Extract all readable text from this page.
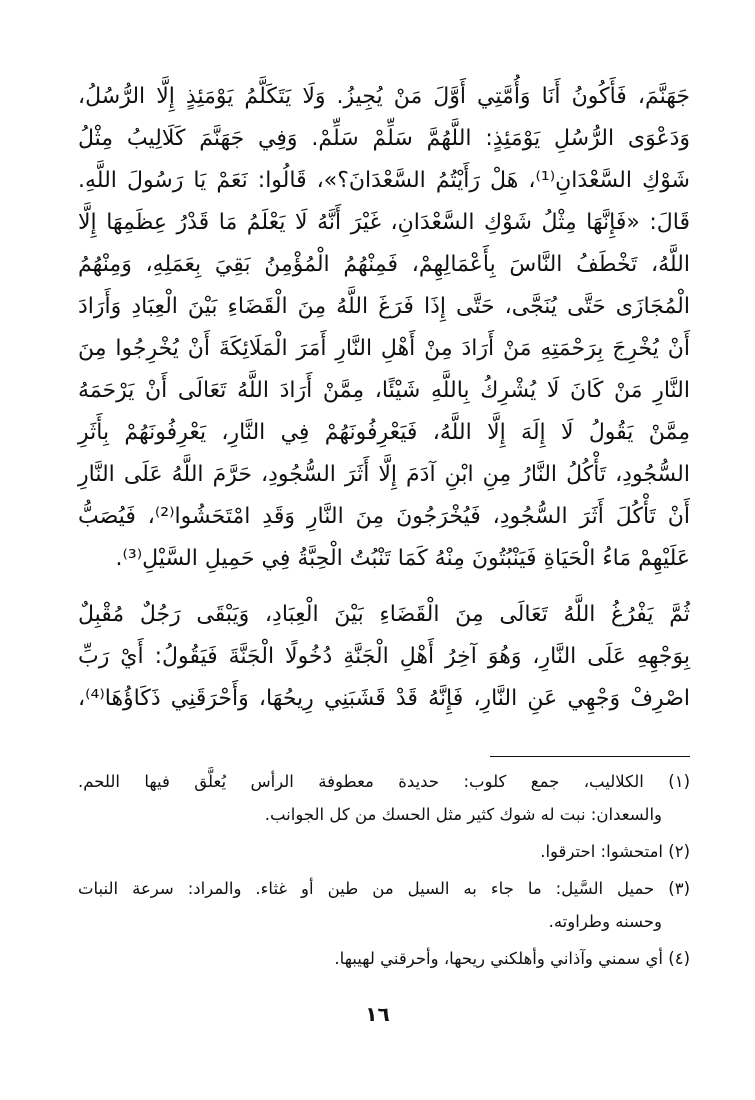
جَهَنَّمَ، فَأَكُونُ أَنَا وَأُمَّتِي أَوَّلَ مَنْ يُجِيزُ. وَلَا يَتَكَلَّمُ يَوْمَئِذٍ إِلَّا الرُّسُلُ،
وَدَعْوَى الرُّسُلِ يَوْمَئِذٍ: اللَّهُمَّ سَلِّمْ سَلِّمْ. وَفِي جَهَنَّمَ كَلَالِيبُ مِثْلُ
شَوْكِ السَّعْدَانِ⁽¹⁾، هَلْ رَأَيْتُمُ السَّعْدَانَ؟»، قَالُوا: نَعَمْ يَا رَسُولَ اللَّهِ.
قَالَ: «فَإِنَّهَا مِثْلُ شَوْكِ السَّعْدَانِ، غَيْرَ أَنَّهُ لَا يَعْلَمُ مَا قَدْرُ عِظَمِهَا إِلَّا
اللَّهُ، تَخْطَفُ النَّاسَ بِأَعْمَالِهِمْ، فَمِنْهُمُ الْمُؤْمِنُ بَقِيَ بِعَمَلِهِ، وَمِنْهُمُ
الْمُجَازَى حَتَّى يُنَجَّى، حَتَّى إِذَا فَرَغَ اللَّهُ مِنَ الْقَضَاءِ بَيْنَ الْعِبَادِ وَأَرَادَ
أَنْ يُخْرِجَ بِرَحْمَتِهِ مَنْ أَرَادَ مِنْ أَهْلِ النَّارِ أَمَرَ الْمَلَائِكَةَ أَنْ يُخْرِجُوا مِنَ
النَّارِ مَنْ كَانَ لَا يُشْرِكُ بِاللَّهِ شَيْئًا، مِمَّنْ أَرَادَ اللَّهُ تَعَالَى أَنْ يَرْحَمَهُ
مِمَّنْ يَقُولُ لَا إِلَهَ إِلَّا اللَّهُ، فَيَعْرِفُونَهُمْ فِي النَّارِ، يَعْرِفُونَهُمْ بِأَثَرِ
السُّجُودِ، تَأْكُلُ النَّارُ مِنِ ابْنِ آدَمَ إِلَّا أَثَرَ السُّجُودِ، حَرَّمَ اللَّهُ عَلَى النَّارِ
أَنْ تَأْكُلَ أَثَرَ السُّجُودِ، فَيُخْرَجُونَ مِنَ النَّارِ وَقَدِ امْتَحَشُوا⁽²⁾، فَيُصَبُّ
عَلَيْهِمْ مَاءُ الْحَيَاةِ فَيَنْبُتُونَ مِنْهُ كَمَا تَنْبُتُ الْحِبَّةُ فِي حَمِيلِ السَّيْلِ⁽³⁾.
ثُمَّ يَفْرُغُ اللَّهُ تَعَالَى مِنَ الْقَضَاءِ بَيْنَ الْعِبَادِ، وَيَبْقَى رَجُلٌ مُقْبِلٌ
بِوَجْهِهِ عَلَى النَّارِ، وَهُوَ آخِرُ أَهْلِ الْجَنَّةِ دُخُولًا الْجَنَّةَ فَيَقُولُ: أَيْ رَبِّ
اصْرِفْ وَجْهِي عَنِ النَّارِ، فَإِنَّهُ قَدْ قَشَبَنِي رِيحُهَا، وَأَحْرَقَنِي ذَكَاؤُهَا⁽⁴⁾،
(١) الكلاليب، جمع كلوب: حديدة معطوفة الرأس يُعلَّق فيها اللحم.
والسعدان: نبت له شوك كثير مثل الحسك من كل الجوانب.
(٢) امتحشوا: احترقوا.
(٣) حميل السَّيل: ما جاء به السيل من طين أو غثاء. والمراد: سرعة النبات
وحسنه وطراوته.
(٤) أي سمني وآذاني وأهلكني ريحها، وأحرقني لهيبها.
١٦
